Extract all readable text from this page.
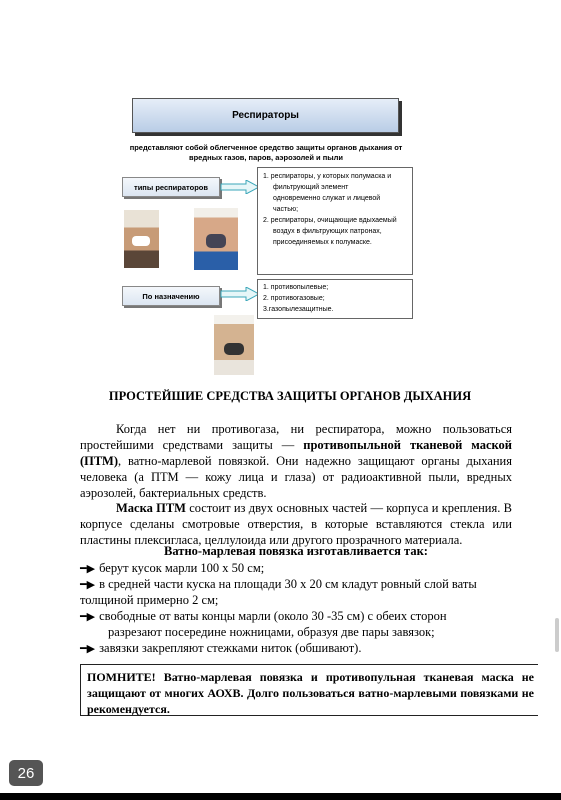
Респираторы
представляют собой облегченное средство защиты органов дыхания от
вредных газов, паров, аэрозолей и пыли
типы респираторов
1. респираторы, у которых полумаска и
фильтрующий элемент
одновременно служат и лицевой
частью;
2. респираторы, очищающие вдыхаемый
воздух в фильтрующих патронах,
присоединяемых к полумаске.
По назначению
1. противопылевые;
2. противогазовые;
3.газопылезащитные.
ПРОСТЕЙШИЕ СРЕДСТВА ЗАЩИТЫ ОРГАНОВ ДЫХАНИЯ
Когда нет ни противогаза, ни респиратора, можно пользоваться простейшими средствами защиты — противопыльной тканевой маской (ПТМ), ватно-марлевой повязкой. Они надежно защищают органы дыхания человека (а ПТМ — кожу лица и глаза) от радиоактивной пыли, вредных аэрозолей, бактериальных средств.
Маска ПТМ состоит из двух основных частей — корпуса и крепления. В корпусе сделаны смотровые отверстия, в которые вставляются стекла или пластины плексигласа, целлулоида или другого прозрачного материала.
Ватно-марлевая повязка изготавливается так:
━▶ берут кусок марли 100 х 50 см;
━▶ в средней части куска на площади 30 х 20 см кладут ровный слой ваты
толщиной примерно 2 см;
━▶ свободные от ваты концы марли (около 30 -35 см) с обеих сторон
разрезают посередине ножницами, образуя две пары завязок;
━▶ завязки закрепляют стежками ниток (обшивают).
ПОМНИТЕ! Ватно-марлевая повязка и противопульная тканевая маска не защищают от многих АОХВ. Долго пользоваться ватно-марлевыми повязками не рекомендуется.
26
